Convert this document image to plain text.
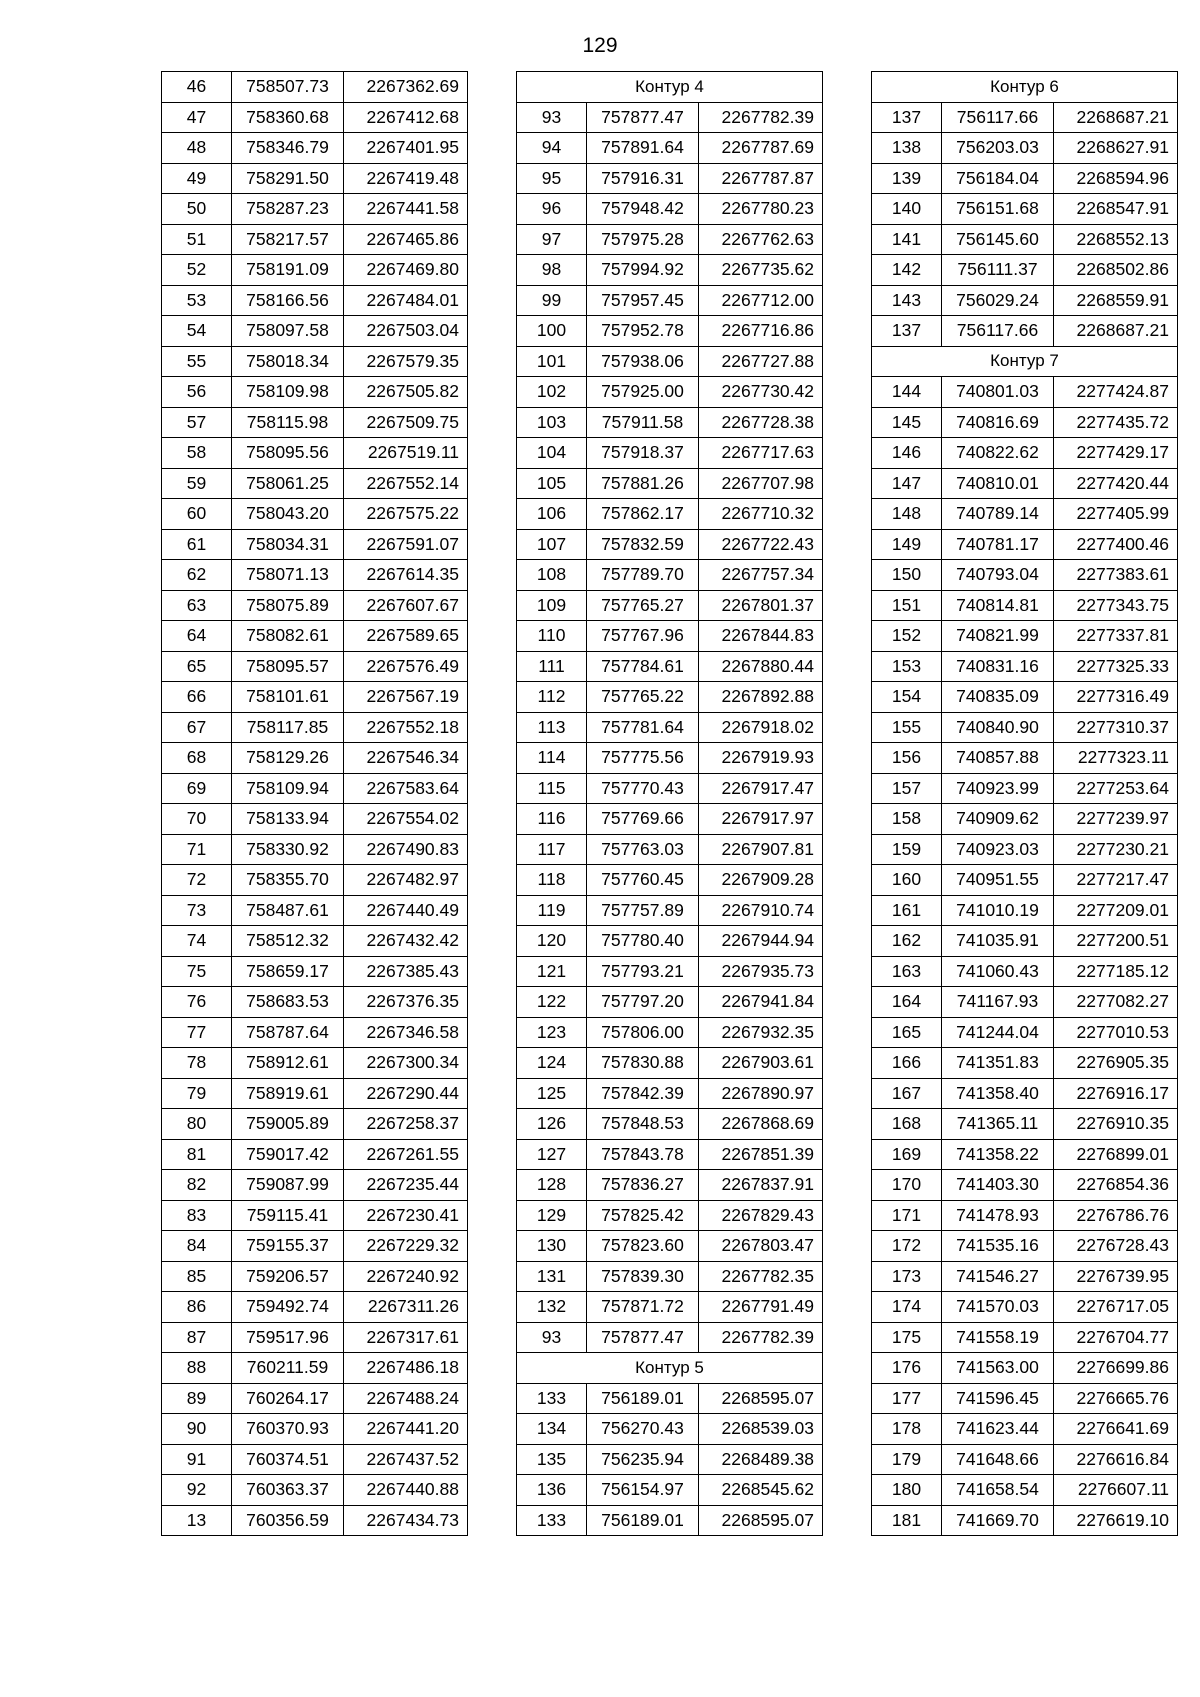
129
46	758507.73	2267362.69
47	758360.68	2267412.68
48	758346.79	2267401.95
49	758291.50	2267419.48
50	758287.23	2267441.58
51	758217.57	2267465.86
52	758191.09	2267469.80
53	758166.56	2267484.01
54	758097.58	2267503.04
55	758018.34	2267579.35
56	758109.98	2267505.82
57	758115.98	2267509.75
58	758095.56	2267519.11
59	758061.25	2267552.14
60	758043.20	2267575.22
61	758034.31	2267591.07
62	758071.13	2267614.35
63	758075.89	2267607.67
64	758082.61	2267589.65
65	758095.57	2267576.49
66	758101.61	2267567.19
67	758117.85	2267552.18
68	758129.26	2267546.34
69	758109.94	2267583.64
70	758133.94	2267554.02
71	758330.92	2267490.83
72	758355.70	2267482.97
73	758487.61	2267440.49
74	758512.32	2267432.42
75	758659.17	2267385.43
76	758683.53	2267376.35
77	758787.64	2267346.58
78	758912.61	2267300.34
79	758919.61	2267290.44
80	759005.89	2267258.37
81	759017.42	2267261.55
82	759087.99	2267235.44
83	759115.41	2267230.41
84	759155.37	2267229.32
85	759206.57	2267240.92
86	759492.74	2267311.26
87	759517.96	2267317.61
88	760211.59	2267486.18
89	760264.17	2267488.24
90	760370.93	2267441.20
91	760374.51	2267437.52
92	760363.37	2267440.88
13	760356.59	2267434.73
Контур 4		
93	757877.47	2267782.39
94	757891.64	2267787.69
95	757916.31	2267787.87
96	757948.42	2267780.23
97	757975.28	2267762.63
98	757994.92	2267735.62
99	757957.45	2267712.00
100	757952.78	2267716.86
101	757938.06	2267727.88
102	757925.00	2267730.42
103	757911.58	2267728.38
104	757918.37	2267717.63
105	757881.26	2267707.98
106	757862.17	2267710.32
107	757832.59	2267722.43
108	757789.70	2267757.34
109	757765.27	2267801.37
110	757767.96	2267844.83
111	757784.61	2267880.44
112	757765.22	2267892.88
113	757781.64	2267918.02
114	757775.56	2267919.93
115	757770.43	2267917.47
116	757769.66	2267917.97
117	757763.03	2267907.81
118	757760.45	2267909.28
119	757757.89	2267910.74
120	757780.40	2267944.94
121	757793.21	2267935.73
122	757797.20	2267941.84
123	757806.00	2267932.35
124	757830.88	2267903.61
125	757842.39	2267890.97
126	757848.53	2267868.69
127	757843.78	2267851.39
128	757836.27	2267837.91
129	757825.42	2267829.43
130	757823.60	2267803.47
131	757839.30	2267782.35
132	757871.72	2267791.49
93	757877.47	2267782.39
Контур 5		
133	756189.01	2268595.07
134	756270.43	2268539.03
135	756235.94	2268489.38
136	756154.97	2268545.62
133	756189.01	2268595.07
Контур 6		
137	756117.66	2268687.21
138	756203.03	2268627.91
139	756184.04	2268594.96
140	756151.68	2268547.91
141	756145.60	2268552.13
142	756111.37	2268502.86
143	756029.24	2268559.91
137	756117.66	2268687.21
Контур 7		
144	740801.03	2277424.87
145	740816.69	2277435.72
146	740822.62	2277429.17
147	740810.01	2277420.44
148	740789.14	2277405.99
149	740781.17	2277400.46
150	740793.04	2277383.61
151	740814.81	2277343.75
152	740821.99	2277337.81
153	740831.16	2277325.33
154	740835.09	2277316.49
155	740840.90	2277310.37
156	740857.88	2277323.11
157	740923.99	2277253.64
158	740909.62	2277239.97
159	740923.03	2277230.21
160	740951.55	2277217.47
161	741010.19	2277209.01
162	741035.91	2277200.51
163	741060.43	2277185.12
164	741167.93	2277082.27
165	741244.04	2277010.53
166	741351.83	2276905.35
167	741358.40	2276916.17
168	741365.11	2276910.35
169	741358.22	2276899.01
170	741403.30	2276854.36
171	741478.93	2276786.76
172	741535.16	2276728.43
173	741546.27	2276739.95
174	741570.03	2276717.05
175	741558.19	2276704.77
176	741563.00	2276699.86
177	741596.45	2276665.76
178	741623.44	2276641.69
179	741648.66	2276616.84
180	741658.54	2276607.11
181	741669.70	2276619.10
